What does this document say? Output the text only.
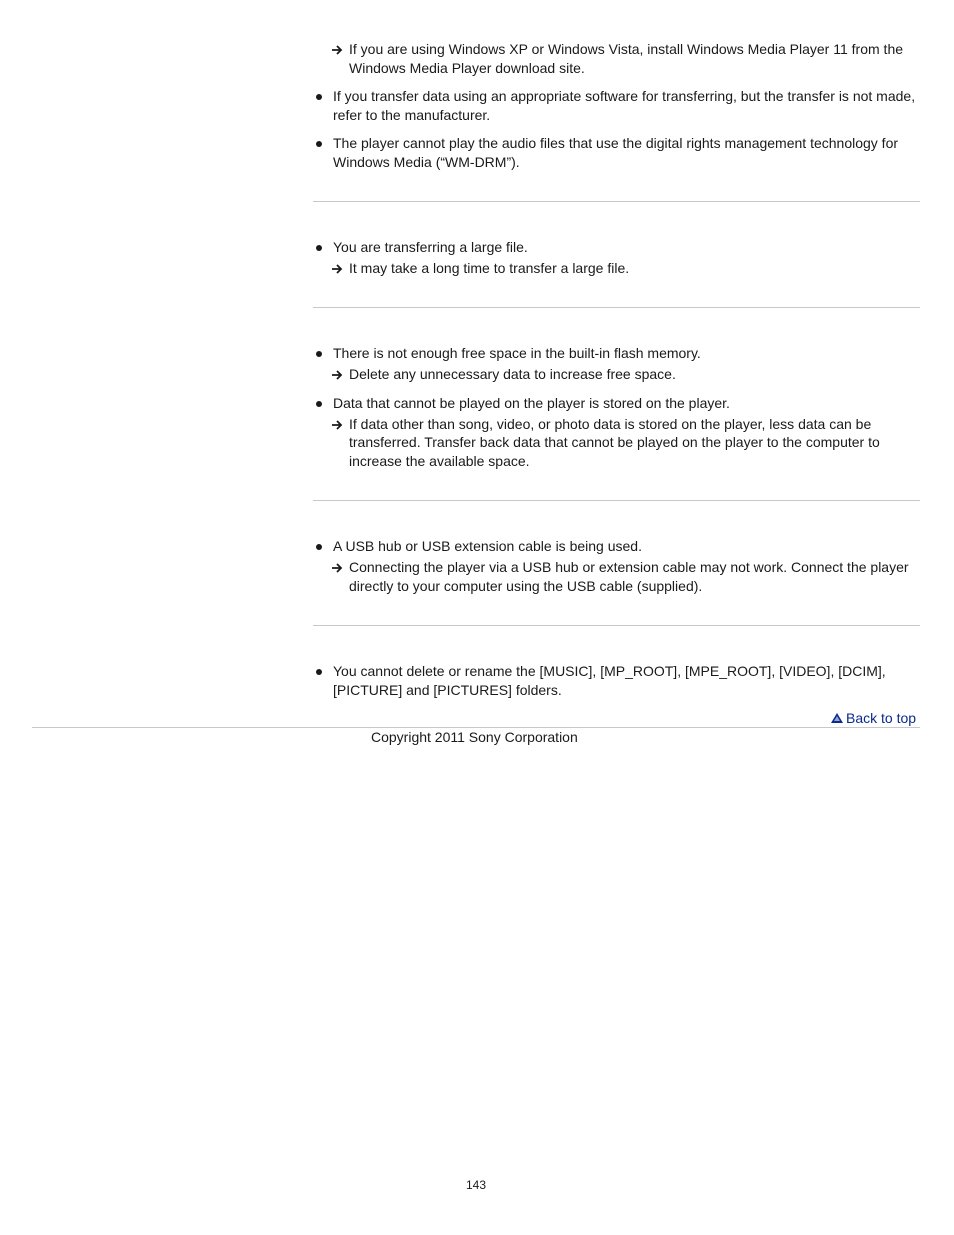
If you are using Windows XP or Windows Vista, install Windows Media Player 11 from the
Windows Media Player download site.
If you transfer data using an appropriate software for transferring, but the transfer is not made,
refer to the manufacturer.
The player cannot play the audio files that use the digital rights management technology for
Windows Media (“WM-DRM”).
You are transferring a large file.
It may take a long time to transfer a large file.
There is not enough free space in the built-in flash memory.
Delete any unnecessary data to increase free space.
Data that cannot be played on the player is stored on the player.
If data other than song, video, or photo data is stored on the player, less data can be
transferred. Transfer back data that cannot be played on the player to the computer to
increase the available space.
A USB hub or USB extension cable is being used.
Connecting the player via a USB hub or extension cable may not work. Connect the player
directly to your computer using the USB cable (supplied).
You cannot delete or rename the [MUSIC], [MP_ROOT], [MPE_ROOT], [VIDEO], [DCIM],
[PICTURE] and [PICTURES] folders.
Back to top
Copyright 2011 Sony Corporation
143
